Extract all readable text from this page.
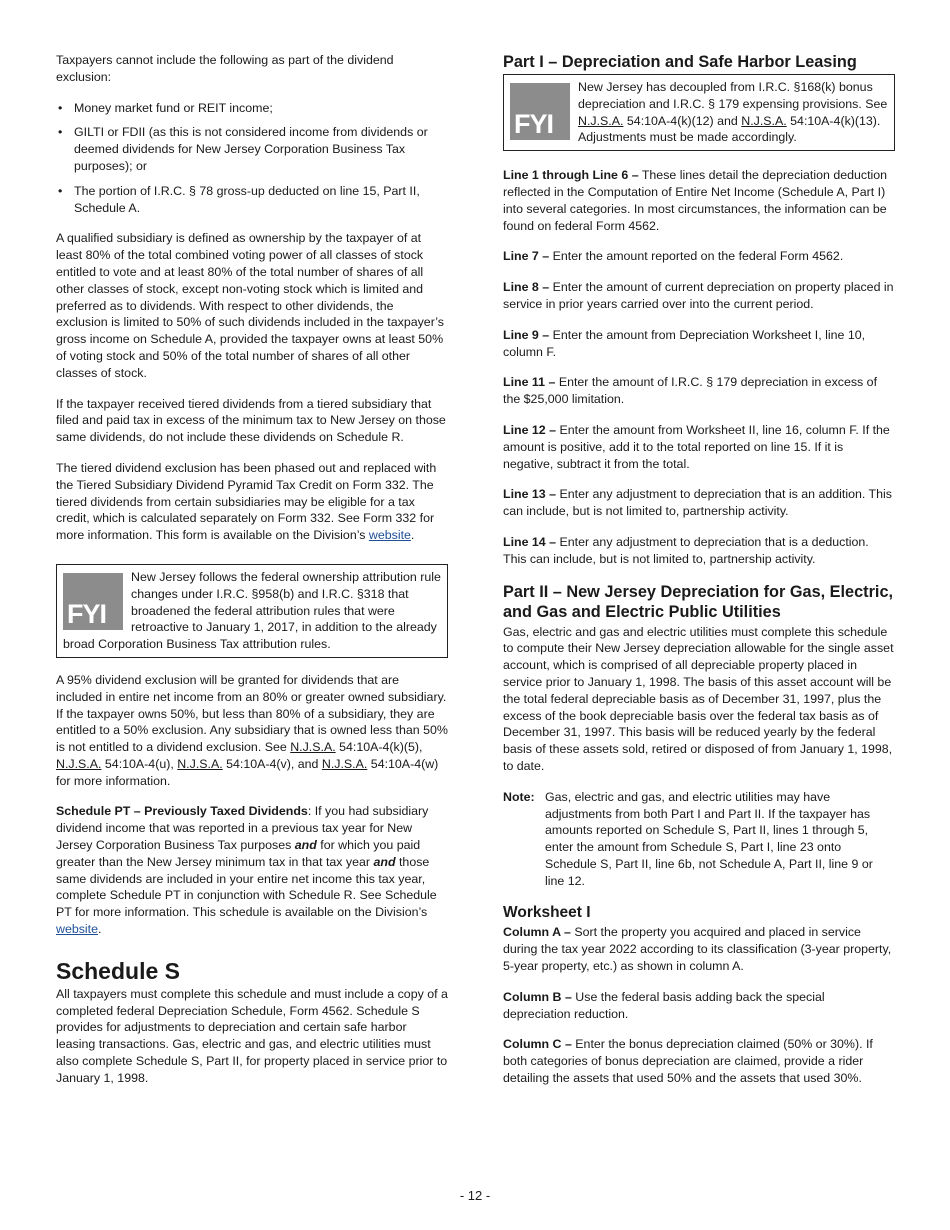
Taxpayers cannot include the following as part of the dividend exclusion:

• Money market fund or REIT income;
• GILTI or FDII (as this is not considered income from dividends or deemed dividends for New Jersey Corporation Business Tax purposes); or
• The portion of I.R.C. § 78 gross-up deducted on line 15, Part II, Schedule A.

A qualified subsidiary is defined as ownership by the taxpayer of at least 80% of the total combined voting power of all classes of stock entitled to vote and at least 80% of the total number of shares of all other classes of stock, except non-voting stock which is limited and preferred as to dividends. With respect to other dividends, the exclusion is limited to 50% of such dividends included in the taxpayer’s gross income on Schedule A, provided the taxpayer owns at least 50% of voting stock and 50% of the total number of shares of all other classes of stock.

If the taxpayer received tiered dividends from a tiered subsidiary that filed and paid tax in excess of the minimum tax to New Jersey on those same dividends, do not include these dividends on Schedule R.

The tiered dividend exclusion has been phased out and replaced with the Tiered Subsidiary Dividend Pyramid Tax Credit on Form 332. The tiered dividends from certain subsidiaries may be eligible for a tax credit, which is calculated separately on Form 332. See Form 332 for more information. This form is available on the Division’s website.

FYI
New Jersey follows the federal ownership attribution rule changes under I.R.C. §958(b) and I.R.C. §318 that broadened the federal attribution rules that were retroactive to January 1, 2017, in addition to the already broad Corporation Business Tax attribution rules.

A 95% dividend exclusion will be granted for dividends that are included in entire net income from an 80% or greater owned subsidiary. If the taxpayer owns 50%, but less than 80% of a subsidiary, they are entitled to a 50% exclusion. Any subsidiary that is owned less than 50% is not entitled to a dividend exclusion. See N.J.S.A. 54:10A-4(k)(5), N.J.S.A. 54:10A-4(u), N.J.S.A. 54:10A-4(v), and N.J.S.A. 54:10A-4(w) for more information.

Schedule PT – Previously Taxed Dividends: If you had subsidiary dividend income that was reported in a previous tax year for New Jersey Corporation Business Tax purposes and for which you paid greater than the New Jersey minimum tax in that tax year and those same dividends are included in your entire net income this tax year, complete Schedule PT in conjunction with Schedule R. See Schedule PT for more information. This schedule is available on the Division’s website.

Schedule S

All taxpayers must complete this schedule and must include a copy of a completed federal Depreciation Schedule, Form 4562. Schedule S provides for adjustments to depreciation and certain safe harbor leasing transactions. Gas, electric and gas, and electric utilities must also complete Schedule S, Part II, for property placed in service prior to January 1, 1998.

Part I – Depreciation and Safe Harbor Leasing
FYI
New Jersey has decoupled from I.R.C. §168(k) bonus depreciation and I.R.C. § 179 expensing provisions. See N.J.S.A. 54:10A-4(k)(12) and N.J.S.A. 54:10A-4(k)(13). Adjustments must be made accordingly.

Line 1 through Line 6 – These lines detail the depreciation deduction reflected in the Computation of Entire Net Income (Schedule A, Part I) into several categories. In most circumstances, the information can be found on federal Form 4562.

Line 7 – Enter the amount reported on the federal Form 4562.

Line 8 – Enter the amount of current depreciation on property placed in service in prior years carried over into the current period.

Line 9 – Enter the amount from Depreciation Worksheet I, line 10, column F.

Line 11 – Enter the amount of I.R.C. § 179 depreciation in excess of the $25,000 limitation.

Line 12 – Enter the amount from Worksheet II, line 16, column F. If the amount is positive, add it to the total reported on line 15. If it is negative, subtract it from the total.

Line 13 – Enter any adjustment to depreciation that is an addition. This can include, but is not limited to, partnership activity.

Line 14 – Enter any adjustment to depreciation that is a deduction. This can include, but is not limited to, partnership activity.

Part II – New Jersey Depreciation for Gas, Electric, and Gas and Electric Public Utilities

Gas, electric and gas and electric utilities must complete this schedule to compute their New Jersey depreciation allowable for the single asset account, which is comprised of all depreciable property placed in service prior to January 1, 1998. The basis of this asset account will be the total federal depreciable basis as of December 31, 1997, plus the excess of the book depreciable basis over the federal tax basis as of December 31, 1997. This basis will be reduced yearly by the federal basis of these assets sold, retired or disposed of from January 1, 1998, to date.

Note: Gas, electric and gas, and electric utilities may have adjustments from both Part I and Part II. If the taxpayer has amounts reported on Schedule S, Part II, lines 1 through 5, enter the amount from Schedule S, Part I, line 23 onto Schedule S, Part II, line 6b, not Schedule A, Part II, line 9 or line 12.
Worksheet I

Column A – Sort the property you acquired and placed in service during the tax year 2022 according to its classification (3-year property, 5-year property, etc.) as shown in column A.

Column B – Use the federal basis adding back the special depreciation reduction.

Column C – Enter the bonus depreciation claimed (50% or 30%). If both categories of bonus depreciation are claimed, provide a rider detailing the assets that used 50% and the assets that used 30%.

- 12 -
